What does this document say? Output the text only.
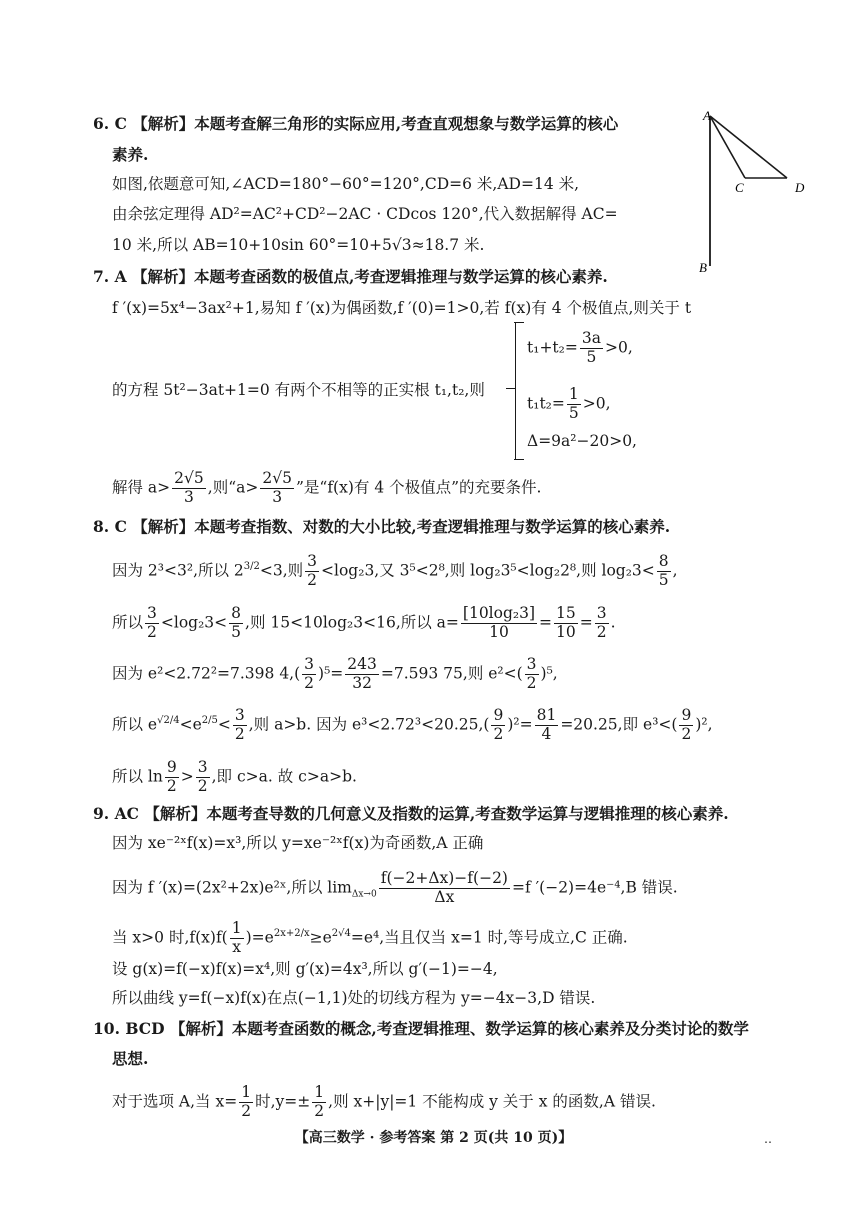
6. C 【解析】本题考查解三角形的实际应用,考查直观想象与数学运算的核心
素养.
如图,依题意可知,∠ACD=180°−60°=120°,CD=6 米,AD=14 米,
由余弦定理得 AD²=AC²+CD²−2AC · CDcos 120°,代入数据解得 AC=
10 米,所以 AB=10+10sin 60°=10+5√3≈18.7 米.
A
B
C	D
7. A 【解析】本题考查函数的极值点,考查逻辑推理与数学运算的核心素养.
f ′(x)=5x⁴−3ax²+1,易知 f ′(x)为偶函数,f ′(0)=1>0,若 f(x)有 4 个极值点,则关于 t
的方程 5t²−3at+1=0 有两个不相等的正实根 t₁,t₂,则
$t_1+t_2= \frac{3a}{5} >0$,
$t_1t_2= \frac{1}{5} >0$,
Δ=9a²−20>0,
解得 $a> \frac{2√5}{3}$ ,则“$a> \frac{2√5}{3}$ ”是“f(x)有 4 个极值点”的充要条件.
8. C 【解析】本题考查指数、对数的大小比较,考查逻辑推理与数学运算的核心素养.
因为 2³<3²,所以 $2^{3/2}<3$,则 $\frac{3}{2} <\log_23$,又 3⁵<2⁸,则 log₂3⁵<log₂2⁸,则 $\log_23< \frac{8}{5}$ ,
所以 $\frac{3}{2} <\log_23< \frac{8}{5}$ ,则 15<10log₂3<16,所以 $a= \frac{\text{[10log₂3]}}{10} = \frac{15}{10} = \frac{3}{2}$ .
因为 e²<2.72²=7.398 $4,( \frac{3}{2} )^5= \frac{243}{32} =7.593$ 75,则 $e^2<( \frac{3}{2} )^5$,
所以 $e^{√2/4}<e^{2/5}< \frac{3}{2}$ ,则 a>b. 因为 $e^3<2.72^3<20.25,( \frac{9}{2} )^2= \frac{81}{4} =20.25$,即 $e^3<( \frac{9}{2} )^2$,
所以 $\ln \frac{9}{2} > \frac{3}{2}$ ,即 c>a. 故 c>a>b.
9. AC 【解析】本题考查导数的几何意义及指数的运算,考查数学运算与逻辑推理的核心素养.
因为 xe⁻²ˣf(x)=x³,所以 y=xe⁻²ˣf(x)为奇函数,A 正确
因为 f ′(x)=(2x²+2x)e²ˣ,所以 $\lim_{\Delta x\to 0} \frac{f(-2+\Delta x)-f(-2)}{\Delta x} =f$ ′(−2)=4e⁻⁴,B 错误.
当 x>0 时$,f(x)f( \frac{1}{x} )=e^{2x+2/x}\ge e^{2√4}=e^4$,当且仅当 x=1 时,等号成立,C 正确.
设 g(x)=f(−x)f(x)=x⁴,则 g′(x)=4x³,所以 g′(−1)=−4,
所以曲线 y=f(−x)f(x)在点(−1,1)处的切线方程为 y=−4x−3,D 错误.
10. BCD 【解析】本题考查函数的概念,考查逻辑推理、数学运算的核心素养及分类讨论的数学
思想.
对于选项 A,当 $x= \frac{1}{2}$ 时$,y=\pm \frac{1}{2}$ ,则 x+|y|=1 不能构成 y 关于 x 的函数,A 错误.
【高三数学 · 参考答案 第 2 页(共 10 页)】	‥
